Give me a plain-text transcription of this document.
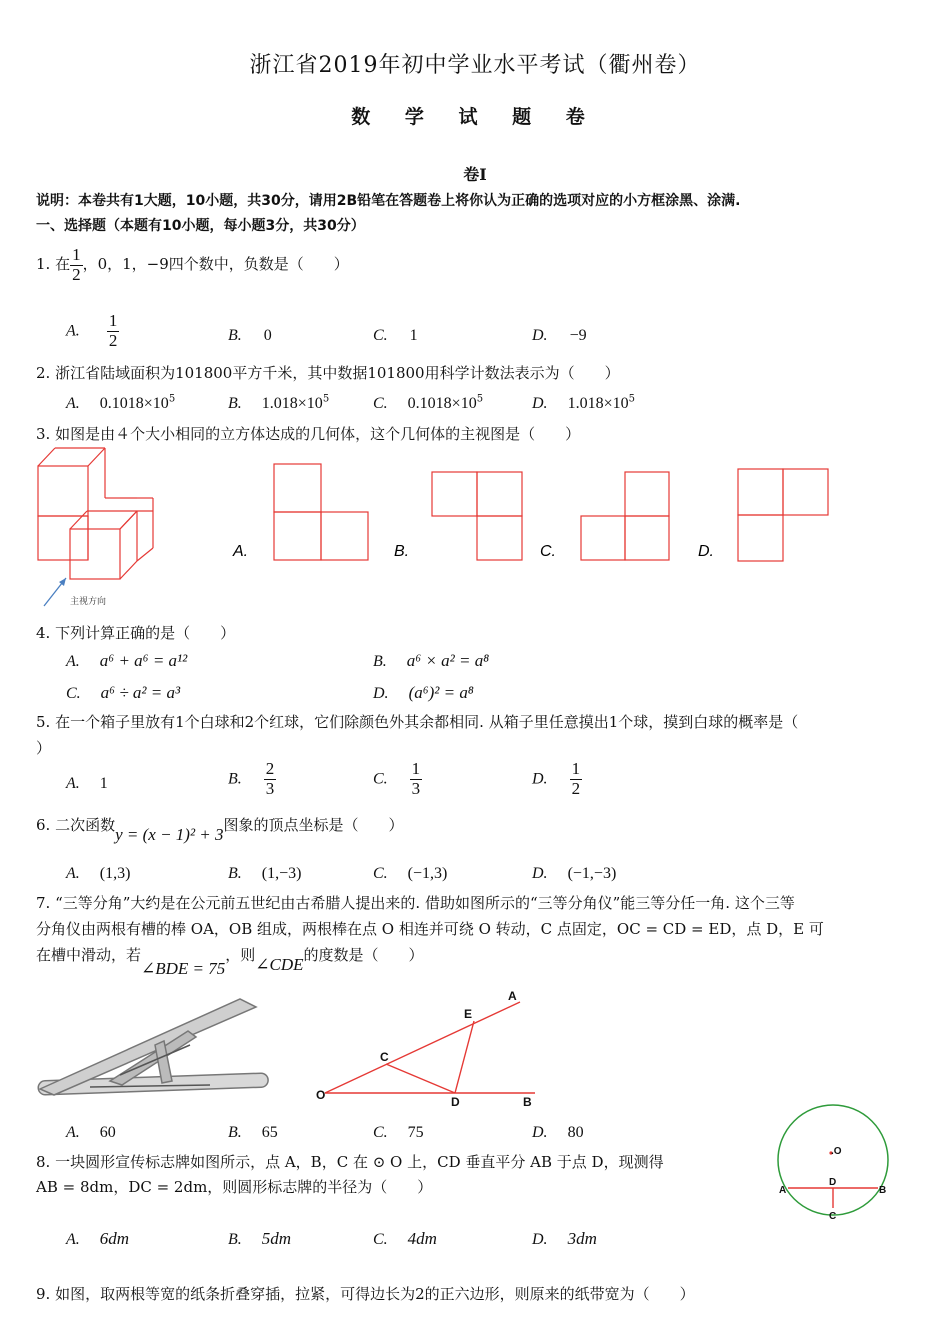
浙江省2019年初中学业水平考试（衢州卷）
数 学 试 题 卷
卷Ⅰ
说明：本卷共有1大题，10小题，共30分，请用2B铅笔在答题卷上将你认为正确的选项对应的小方框涂黑、涂满.
一、选择题（本题有10小题，每小题3分，共30分）
1. 在 $\frac{1}{2}$ ，0，1，−9四个数中，负数是（　　）
A. $\frac{1}{2}$	B. 0	C. 1	D. −9
2. 浙江省陆域面积为101800平方千米，其中数据101800用科学计数法表示为（　　）
A. $0.1018\times 10^5$	B. $1.018\times 10^5$	C. $0.1018\times 10^5$	D. $1.018\times 10^5$
3. 如图是由４个大小相同的立方体达成的几何体，这个几何体的主视图是（　　）
主视方向
A.	B.	C.	D.
4. 下列计算正确的是（　　）
A. a⁶ + a⁶ = a¹²	B. a⁶ × a² = a⁸
C. a⁶ ÷ a² = a³	D. (a⁶)² = a⁸
5. 在一个箱子里放有1个白球和2个红球，它们除颜色外其余都相同. 从箱子里任意摸出1个球，摸到白球的概率是（
）
A. 1	B. $\frac{2}{3}$	C. $\frac{1}{3}$	D. $\frac{1}{2}$
6. 二次函数y = (x − 1)² + 3图象的顶点坐标是（　　）
A. (1,3)	B. (1,−3)	C. (−1,3)	D. (−1,−3)
7. “三等分角”大约是在公元前五世纪由古希腊人提出来的. 借助如图所示的“三等分角仪”能三等分任一角. 这个三等
分角仪由两根有槽的棒 OA，OB 组成，两根棒在点 O 相连并可绕 O 转动，C 点固定，OC = CD = ED，点 D，E 可
在槽中滑动，若∠BDE = 75，则∠CDE的度数是（　　）
A
E
C
O	D	B
A. 60	B. 65	C. 75	D. 80
8. 一块圆形宣传标志牌如图所示，点 A，B，C 在 ⊙ O 上，CD 垂直平分 AB 于点 D，现测得
AB = 8dm，DC = 2dm，则圆形标志牌的半径为（　　）
.O
A	B
D
C
A. 6dm	B. 5dm	C. 4dm	D. 3dm
9. 如图，取两根等宽的纸条折叠穿插，拉紧，可得边长为2的正六边形，则原来的纸带宽为（　　）
